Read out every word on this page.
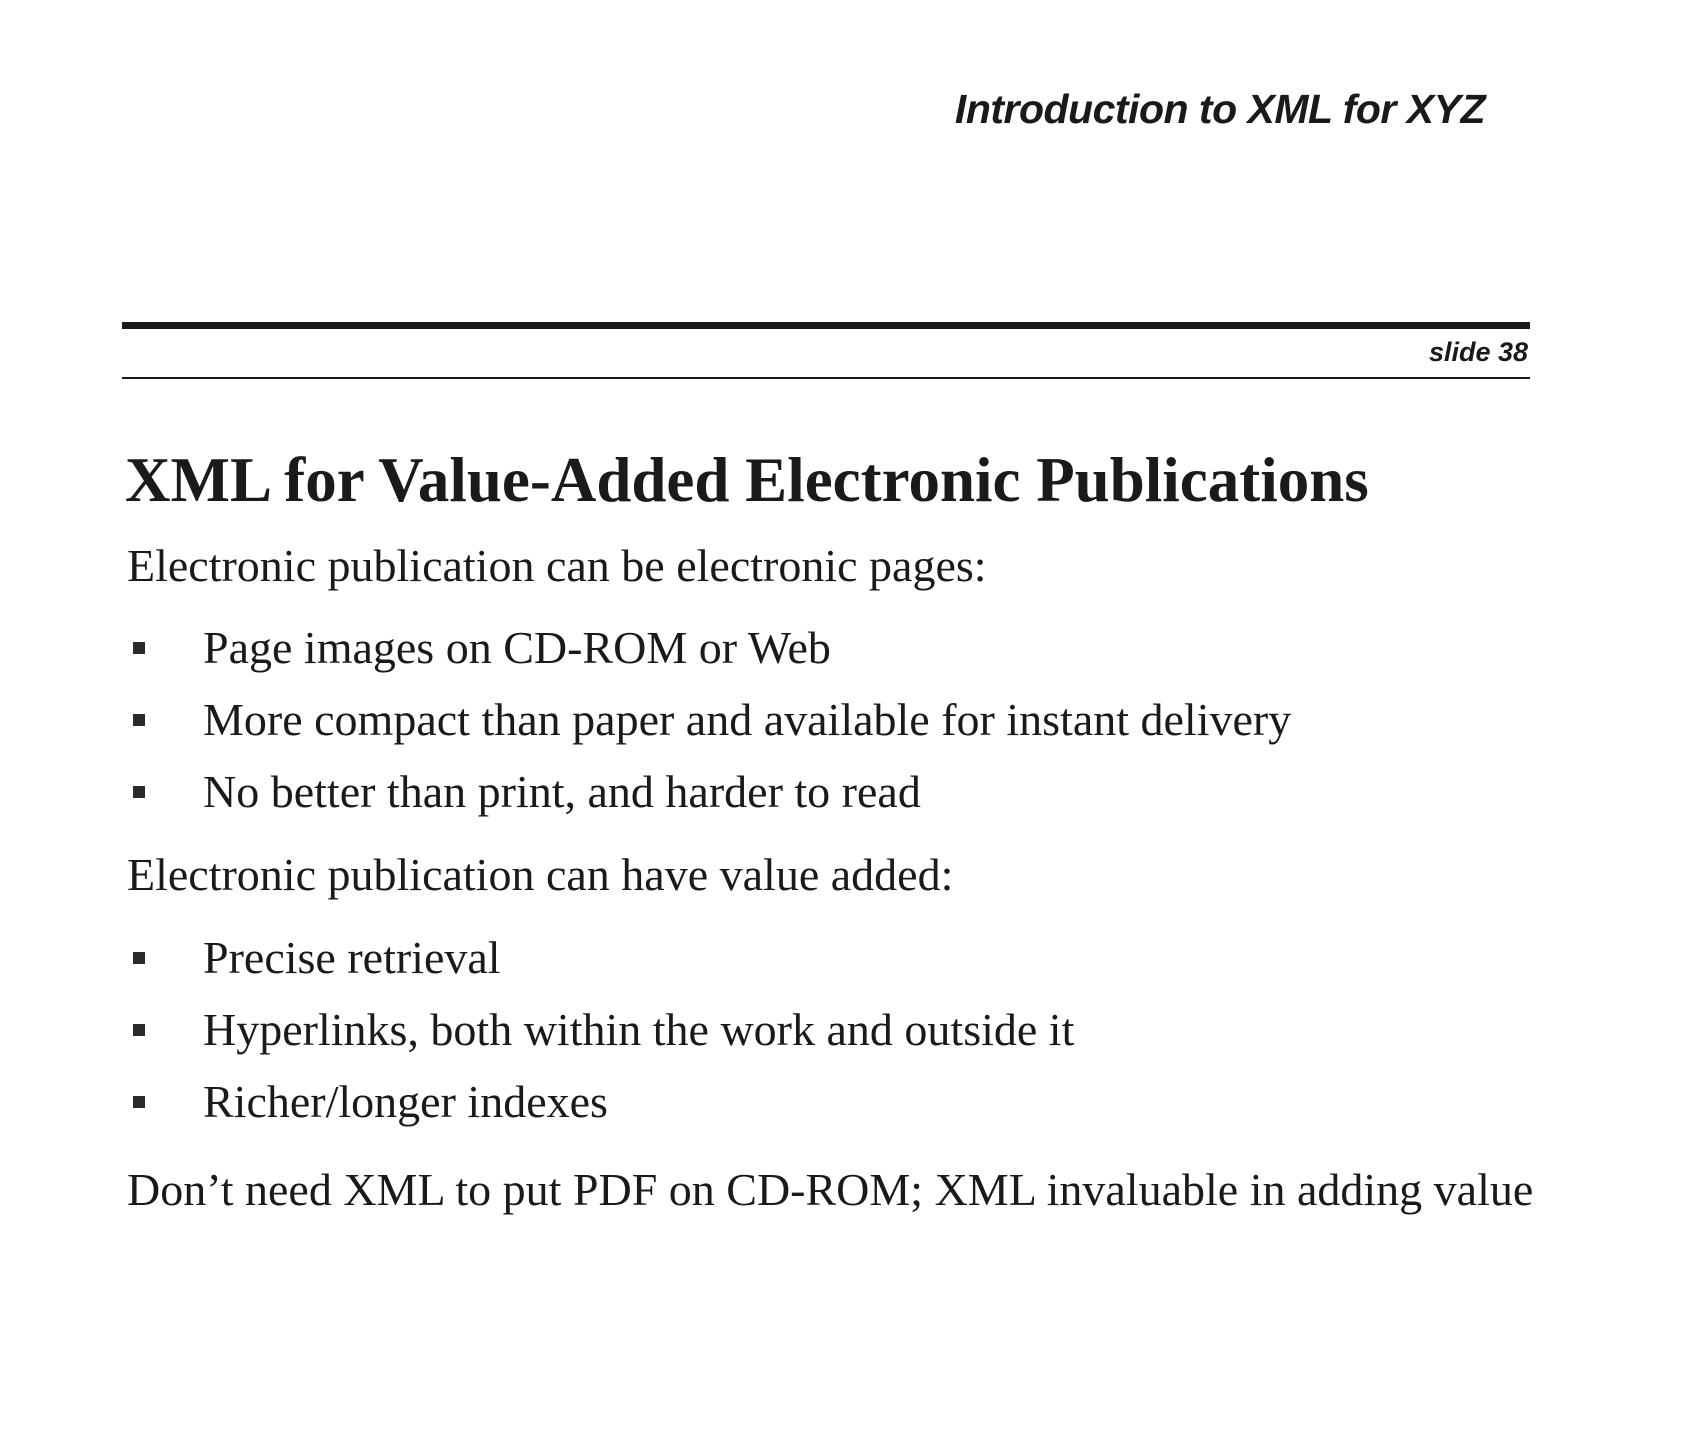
Introduction to XML for XYZ
slide 38
XML for Value-Added Electronic Publications

Electronic publication can be electronic pages:

Page images on CD-ROM or Web
More compact than paper and available for instant delivery
No better than print, and harder to read

Electronic publication can have value added:

Precise retrieval
Hyperlinks, both within the work and outside it
Richer/longer indexes

Don’t need XML to put PDF on CD-ROM; XML invaluable in adding value
